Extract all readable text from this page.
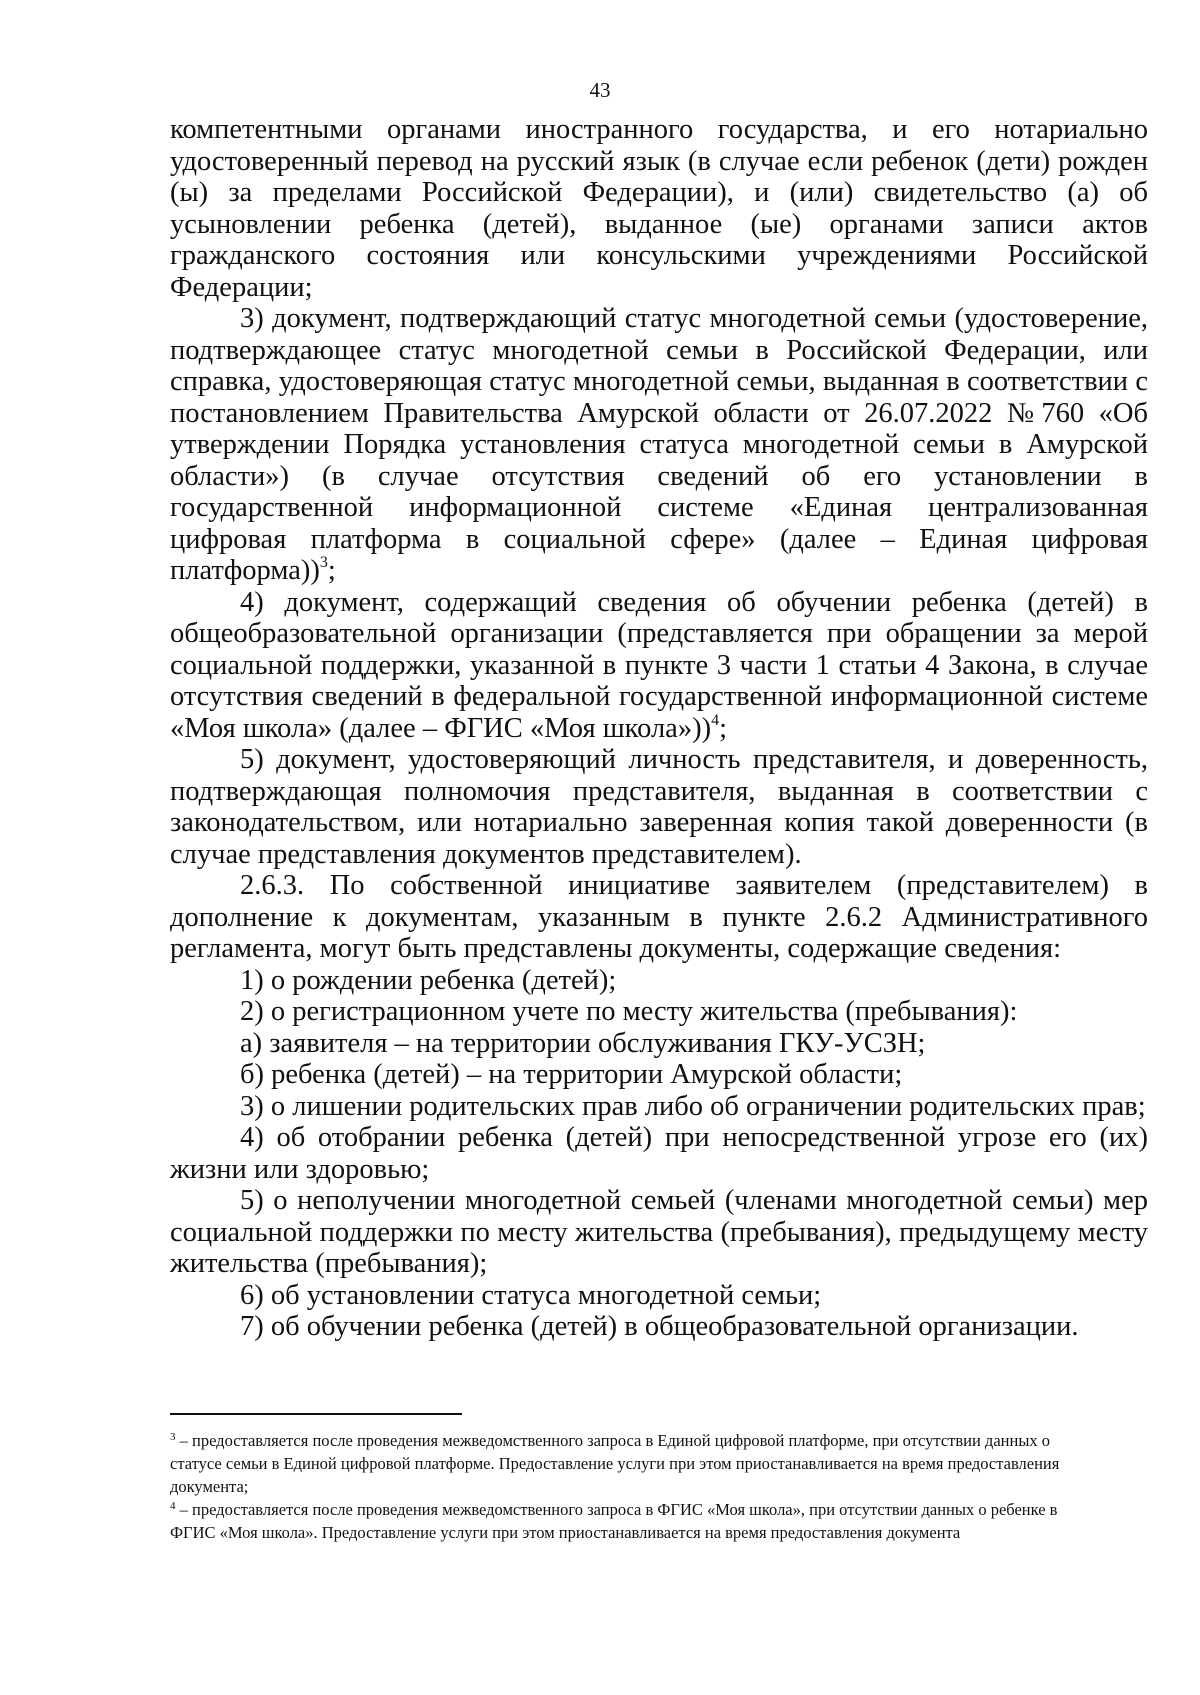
43

компетентными органами иностранного государства, и его нотариально удостоверенный перевод на русский язык (в случае если ребенок (дети) рожден (ы) за пределами Российской Федерации), и (или) свидетельство (а) об усыновлении ребенка (детей), выданное (ые) органами записи актов гражданского состояния или консульскими учреждениями Российской Федерации;

3) документ, подтверждающий статус многодетной семьи (удостоверение, подтверждающее статус многодетной семьи в Российской Федерации, или справка, удостоверяющая статус многодетной семьи, выданная в соответствии с постановлением Правительства Амурской области от 26.07.2022 №760 «Об утверждении Порядка установления статуса многодетной семьи в Амурской области») (в случае отсутствия сведений об его установлении в государственной информационной системе «Единая централизованная цифровая платформа в социальной сфере» (далее – Единая цифровая платформа))$^3$;

4) документ, содержащий сведения об обучении ребенка (детей) в общеобразовательной организации (представляется при обращении за мерой социальной поддержки, указанной в пункте 3 части 1 статьи 4 Закона, в случае отсутствия сведений в федеральной государственной информационной системе «Моя школа» (далее – ФГИС «Моя школа»))$^4$;

5) документ, удостоверяющий личность представителя, и доверенность, подтверждающая полномочия представителя, выданная в соответствии с законодательством, или нотариально заверенная копия такой доверенности (в случае представления документов представителем).

2.6.3. По собственной инициативе заявителем (представителем) в дополнение к документам, указанным в пункте 2.6.2 Административного регламента, могут быть представлены документы, содержащие сведения:

1) о рождении ребенка (детей);

2) о регистрационном учете по месту жительства (пребывания):

а) заявителя – на территории обслуживания ГКУ-УСЗН;

б) ребенка (детей) – на территории Амурской области;

3) о лишении родительских прав либо об ограничении родительских прав;

4) об отобрании ребенка (детей) при непосредственной угрозе его (их) жизни или здоровью;

5) о неполучении многодетной семьей (членами многодетной семьи) мер социальной поддержки по месту жительства (пребывания), предыдущему месту жительства (пребывания);

6) об установлении статуса многодетной семьи;

7) об обучении ребенка (детей) в общеобразовательной организации.

$^3$ – предоставляется после проведения межведомственного запроса в Единой цифровой платформе, при отсутствии данных о статусе семьи в Единой цифровой платформе. Предоставление услуги при этом приостанавливается на время предоставления документа;

$^4$ – предоставляется после проведения межведомственного запроса в ФГИС «Моя школа», при отсутствии данных о ребенке в ФГИС «Моя школа». Предоставление услуги при этом приостанавливается на время предоставления документа
